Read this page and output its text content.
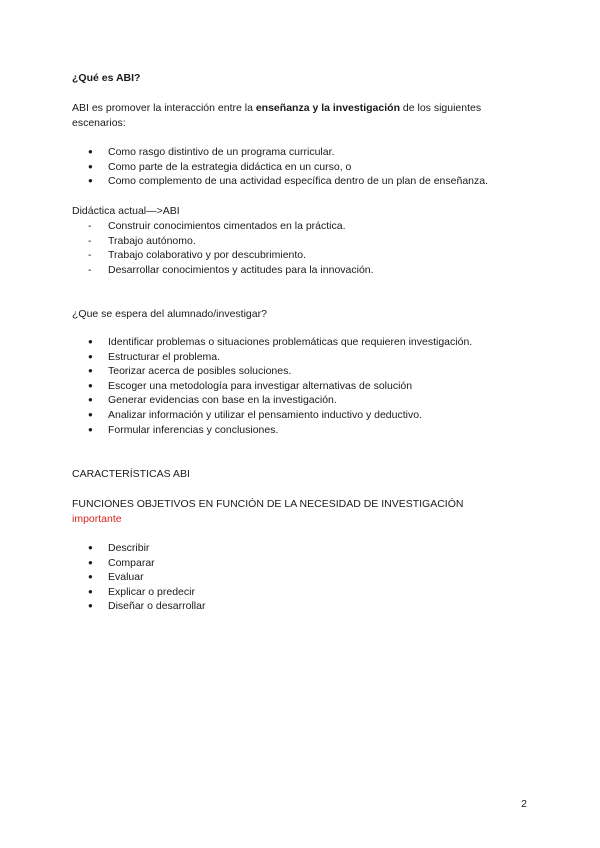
¿Qué es ABI?
ABI es promover la interacción entre la enseñanza y la investigación de los siguientes escenarios:
● Como rasgo distintivo de un programa curricular.
● Como parte de la estrategia didáctica en un curso, o
● Como complemento de una actividad específica dentro de un plan de enseñanza.
Didáctica actual—>ABI
- Construir conocimientos cimentados en la práctica.
- Trabajo autónomo.
- Trabajo colaborativo y por descubrimiento.
- Desarrollar conocimientos y actitudes para la innovación.
¿Que se espera del alumnado/investigar?
● Identificar problemas o situaciones problemáticas que requieren investigación.
● Estructurar el problema.
● Teorizar acerca de posibles soluciones.
● Escoger una metodología para investigar alternativas de solución
● Generar evidencias con base en la investigación.
● Analizar información y utilizar el pensamiento inductivo y deductivo.
● Formular inferencias y conclusiones.
CARACTERÍSTICAS ABI
FUNCIONES OBJETIVOS EN FUNCIÓN DE LA NECESIDAD DE INVESTIGACIÓN
importante
● Describir
● Comparar
● Evaluar
● Explicar o predecir
● Diseñar o desarrollar
2
